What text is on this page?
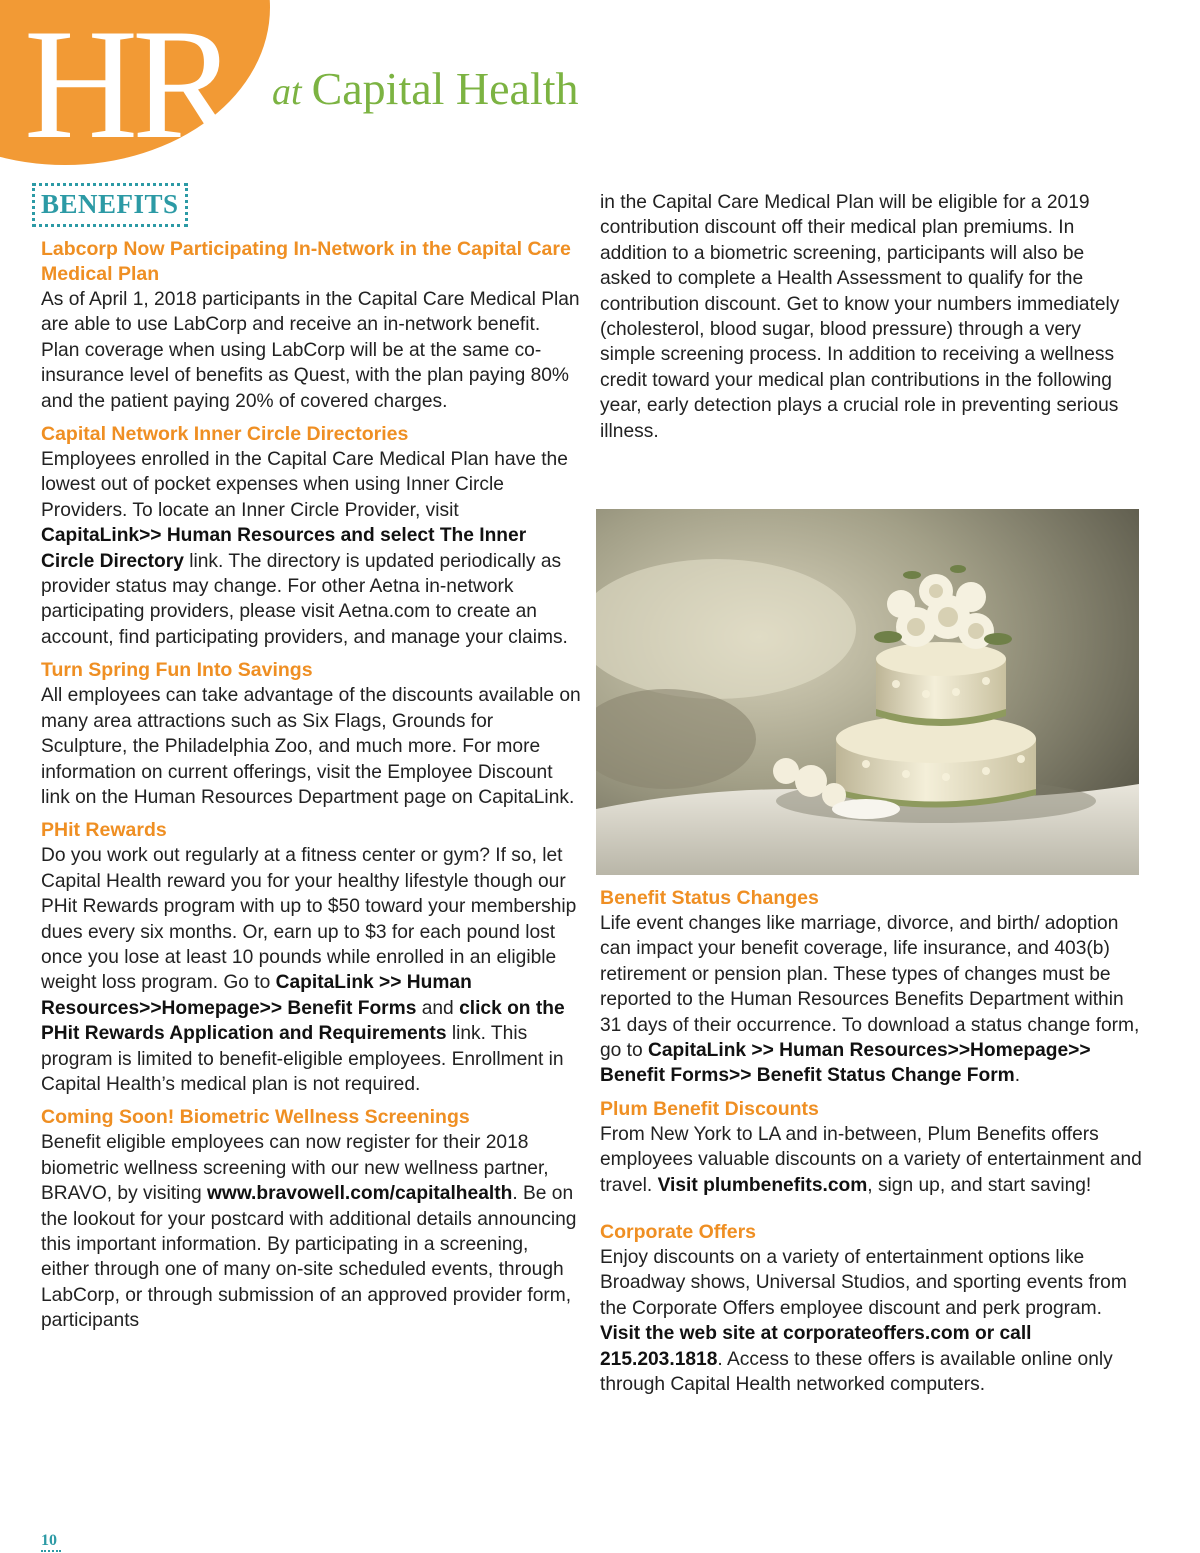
HR at Capital Health
BENEFITS
Labcorp Now Participating In-Network in the Capital Care Medical Plan

As of April 1, 2018 participants in the Capital Care Medical Plan are able to use LabCorp and receive an in-network benefit. Plan coverage when using LabCorp will be at the same co-insurance level of benefits as Quest, with the plan paying 80% and the patient paying 20% of covered charges.

Capital Network Inner Circle Directories

Employees enrolled in the Capital Care Medical Plan have the lowest out of pocket expenses when using Inner Circle Providers. To locate an Inner Circle Provider, visit CapitaLink>> Human Resources and select The Inner Circle Directory link. The directory is updated periodically as provider status may change. For other Aetna in-network participating providers, please visit Aetna.com to create an account, find participating providers, and manage your claims.

Turn Spring Fun Into Savings

All employees can take advantage of the discounts available on many area attractions such as Six Flags, Grounds for Sculpture, the Philadelphia Zoo, and much more. For more information on current offerings, visit the Employee Discount link on the Human Resources Department page on CapitaLink.

PHit Rewards

Do you work out regularly at a fitness center or gym? If so, let Capital Health reward you for your healthy lifestyle though our PHit Rewards program with up to $50 toward your membership dues every six months. Or, earn up to $3 for each pound lost once you lose at least 10 pounds while enrolled in an eligible weight loss program. Go to CapitaLink >> Human Resources>>Homepage>> Benefit Forms and click on the PHit Rewards Application and Requirements link. This program is limited to benefit-eligible employees. Enrollment in Capital Health’s medical plan is not required.

Coming Soon! Biometric Wellness Screenings

Benefit eligible employees can now register for their 2018 biometric wellness screening with our new wellness partner, BRAVO, by visiting www.bravowell.com/capitalhealth. Be on the lookout for your postcard with additional details announcing this important information. By participating in a screening, either through one of many on-site scheduled events, through LabCorp, or through submission of an approved provider form, participants

in the Capital Care Medical Plan will be eligible for a 2019 contribution discount off their medical plan premiums. In addition to a biometric screening, participants will also be asked to complete a Health Assessment to qualify for the contribution discount. Get to know your numbers immediately (cholesterol, blood sugar, blood pressure) through a very simple screening process. In addition to receiving a wellness credit toward your medical plan contributions in the following year, early detection plays a crucial role in preventing serious illness.

Benefit Status Changes

Life event changes like marriage, divorce, and birth/ adoption can impact your benefit coverage, life insurance, and 403(b) retirement or pension plan. These types of changes must be reported to the Human Resources Benefits Department within 31 days of their occurrence. To download a status change form, go to CapitaLink >> Human Resources>>Homepage>> Benefit Forms>> Benefit Status Change Form.

Plum Benefit Discounts

From New York to LA and in-between, Plum Benefits offers employees valuable discounts on a variety of entertainment and travel. Visit plumbenefits.com, sign up, and start saving!

Corporate Offers

Enjoy discounts on a variety of entertainment options like Broadway shows, Universal Studios, and sporting events from the Corporate Offers employee discount and perk program. Visit the web site at corporateoffers.com or call 215.203.1818. Access to these offers is available online only through Capital Health networked computers.

10
